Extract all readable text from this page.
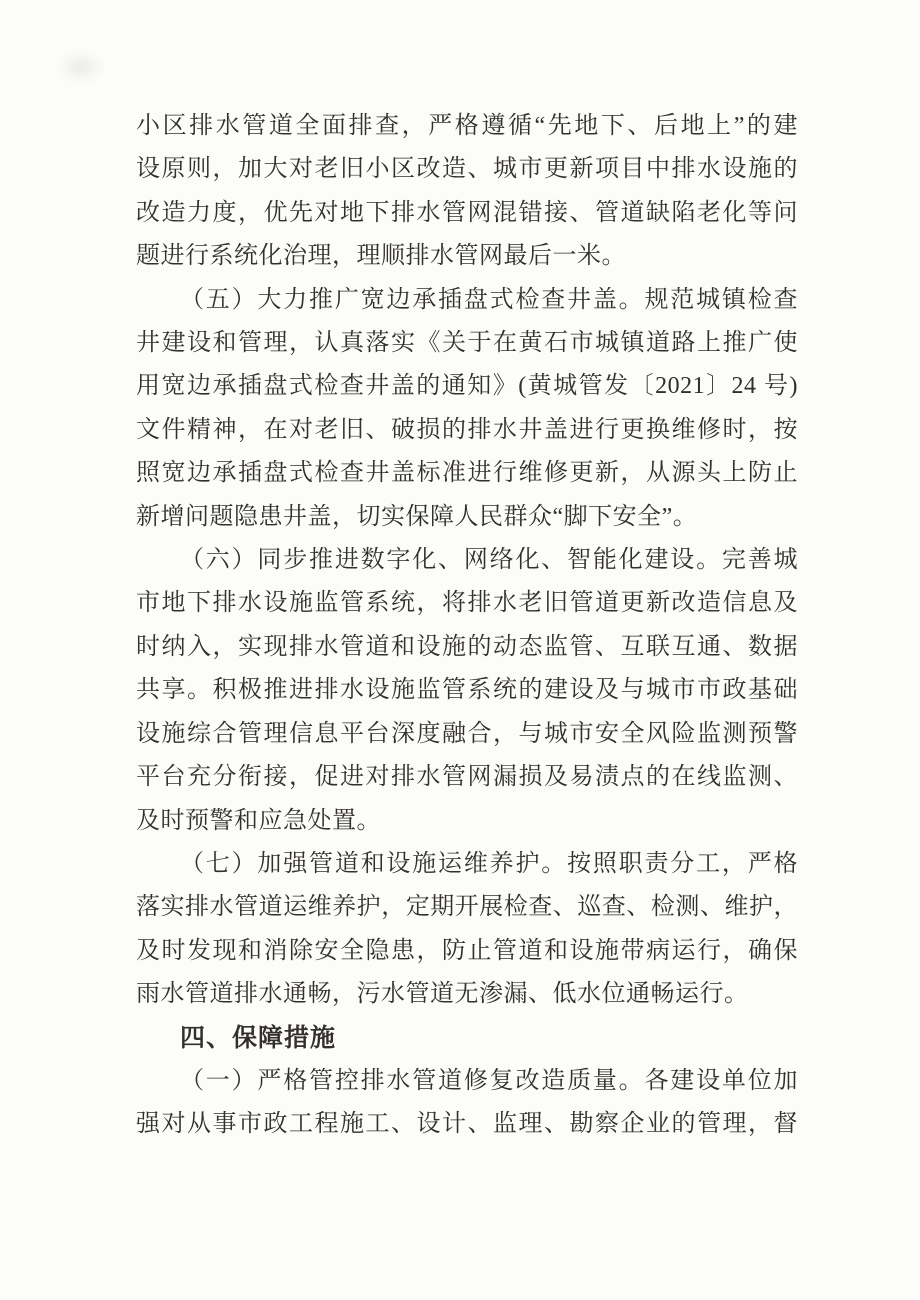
小区排水管道全面排查，严格遵循“先地下、后地上”的建
设原则，加大对老旧小区改造、城市更新项目中排水设施的
改造力度，优先对地下排水管网混错接、管道缺陷老化等问
题进行系统化治理，理顺排水管网最后一米。
（五）大力推广宽边承插盘式检查井盖。规范城镇检查
井建设和管理，认真落实《关于在黄石市城镇道路上推广使
用宽边承插盘式检查井盖的通知》(黄城管发〔2021〕24 号)
文件精神，在对老旧、破损的排水井盖进行更换维修时，按
照宽边承插盘式检查井盖标准进行维修更新，从源头上防止
新增问题隐患井盖，切实保障人民群众“脚下安全”。
（六）同步推进数字化、网络化、智能化建设。完善城
市地下排水设施监管系统，将排水老旧管道更新改造信息及
时纳入，实现排水管道和设施的动态监管、互联互通、数据
共享。积极推进排水设施监管系统的建设及与城市市政基础
设施综合管理信息平台深度融合，与城市安全风险监测预警
平台充分衔接，促进对排水管网漏损及易渍点的在线监测、
及时预警和应急处置。
（七）加强管道和设施运维养护。按照职责分工，严格
落实排水管道运维养护，定期开展检查、巡查、检测、维护，
及时发现和消除安全隐患，防止管道和设施带病运行，确保
雨水管道排水通畅，污水管道无渗漏、低水位通畅运行。
四、保障措施
（一）严格管控排水管道修复改造质量。各建设单位加
强对从事市政工程施工、设计、监理、勘察企业的管理，督
